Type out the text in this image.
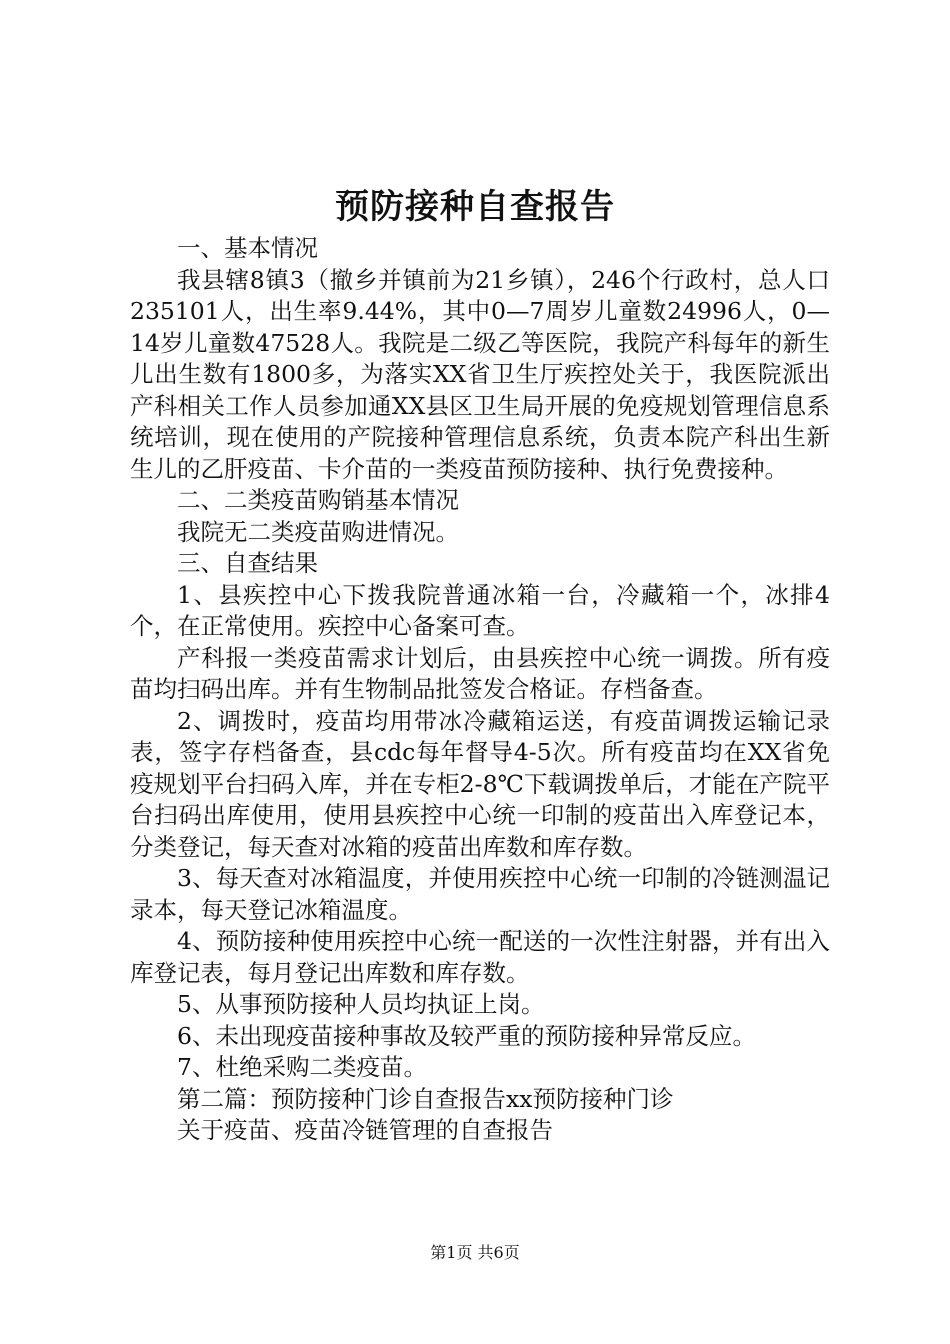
预防接种自查报告

一、基本情况

我县辖8镇3（撤乡并镇前为21乡镇），246个行政村，总人口235101人，出生率9.44%，其中0—7周岁儿童数24996人，0—14岁儿童数47528人。我院是二级乙等医院，我院产科每年的新生儿出生数有1800多，为落实XX省卫生厅疾控处关于，我医院派出产科相关工作人员参加通XX县区卫生局开展的免疫规划管理信息系统培训，现在使用的产院接种管理信息系统，负责本院产科出生新生儿的乙肝疫苗、卡介苗的一类疫苗预防接种、执行免费接种。

二、二类疫苗购销基本情况

我院无二类疫苗购进情况。

三、自查结果

1、县疾控中心下拨我院普通冰箱一台，冷藏箱一个，冰排4个，在正常使用。疾控中心备案可查。

产科报一类疫苗需求计划后，由县疾控中心统一调拨。所有疫苗均扫码出库。并有生物制品批签发合格证。存档备查。

2、调拨时，疫苗均用带冰冷藏箱运送，有疫苗调拨运输记录表，签字存档备查，县cdc每年督导4-5次。所有疫苗均在XX省免疫规划平台扫码入库，并在专柜2-8℃下载调拨单后，才能在产院平台扫码出库使用，使用县疾控中心统一印制的疫苗出入库登记本，分类登记，每天查对冰箱的疫苗出库数和库存数。

3、每天查对冰箱温度，并使用疾控中心统一印制的冷链测温记录本，每天登记冰箱温度。

4、预防接种使用疾控中心统一配送的一次性注射器，并有出入库登记表，每月登记出库数和库存数。

5、从事预防接种人员均执证上岗。

6、未出现疫苗接种事故及较严重的预防接种异常反应。

7、杜绝采购二类疫苗。

第二篇：预防接种门诊自查报告xx预防接种门诊

关于疫苗、疫苗冷链管理的自查报告

第1页 共6页
